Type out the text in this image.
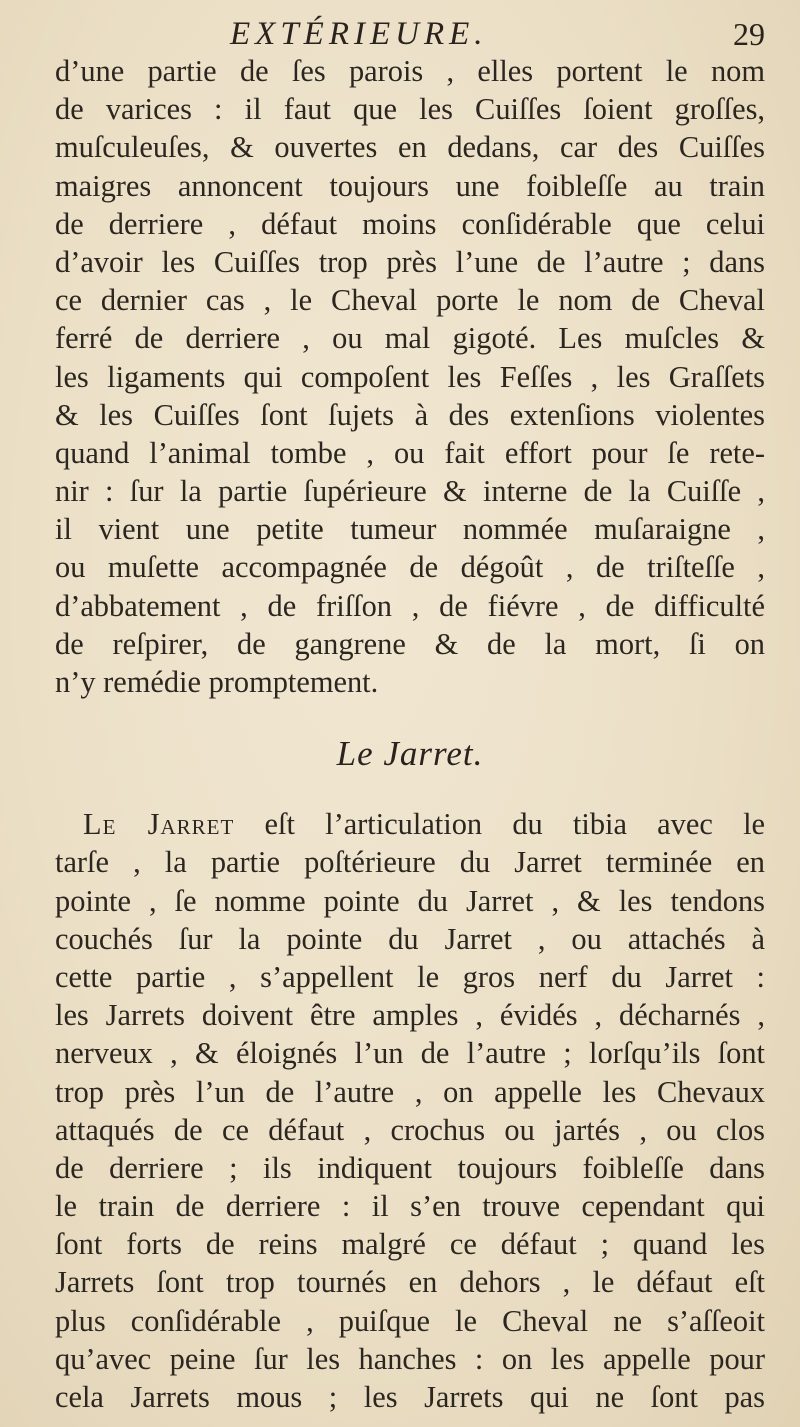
EXTÉRIEURE.	29
d’une partie de ſes parois , elles portent le nom
de varices : il faut que les Cuiſſes ſoient groſſes,
muſculeuſes, & ouvertes en dedans, car des Cuiſſes
maigres annoncent toujours une foibleſſe au train
de derriere , défaut moins conſidérable que celui
d’avoir les Cuiſſes trop près l’une de l’autre ; dans
ce dernier cas , le Cheval porte le nom de Cheval
ferré de derriere , ou mal gigoté. Les muſcles &
les ligaments qui compoſent les Feſſes , les Graſſets
& les Cuiſſes ſont ſujets à des extenſions violentes
quand l’animal tombe , ou fait effort pour ſe rete-
nir : ſur la partie ſupérieure & interne de la Cuiſſe ,
il vient une petite tumeur nommée muſaraigne ,
ou muſette accompagnée de dégoût , de triſteſſe ,
d’abbatement , de friſſon , de fiévre , de difficulté
de reſpirer, de gangrene & de la mort, ſi on
n’y remédie promptement.
Le Jarret.
Le Jarret eſt l’articulation du tibia avec le
tarſe , la partie poſtérieure du Jarret terminée en
pointe , ſe nomme pointe du Jarret , & les tendons
couchés ſur la pointe du Jarret , ou attachés à
cette partie , s’appellent le gros nerf du Jarret :
les Jarrets doivent être amples , évidés , décharnés ,
nerveux , & éloignés l’un de l’autre ; lorſqu’ils ſont
trop près l’un de l’autre , on appelle les Chevaux
attaqués de ce défaut , crochus ou jartés , ou clos
de derriere ; ils indiquent toujours foibleſſe dans
le train de derriere : il s’en trouve cependant qui
ſont forts de reins malgré ce défaut ; quand les
Jarrets ſont trop tournés en dehors , le défaut eſt
plus conſidérable , puiſque le Cheval ne s’aſſeoit
qu’avec peine ſur les hanches : on les appelle pour
cela Jarrets mous ; les Jarrets qui ne ſont pas
